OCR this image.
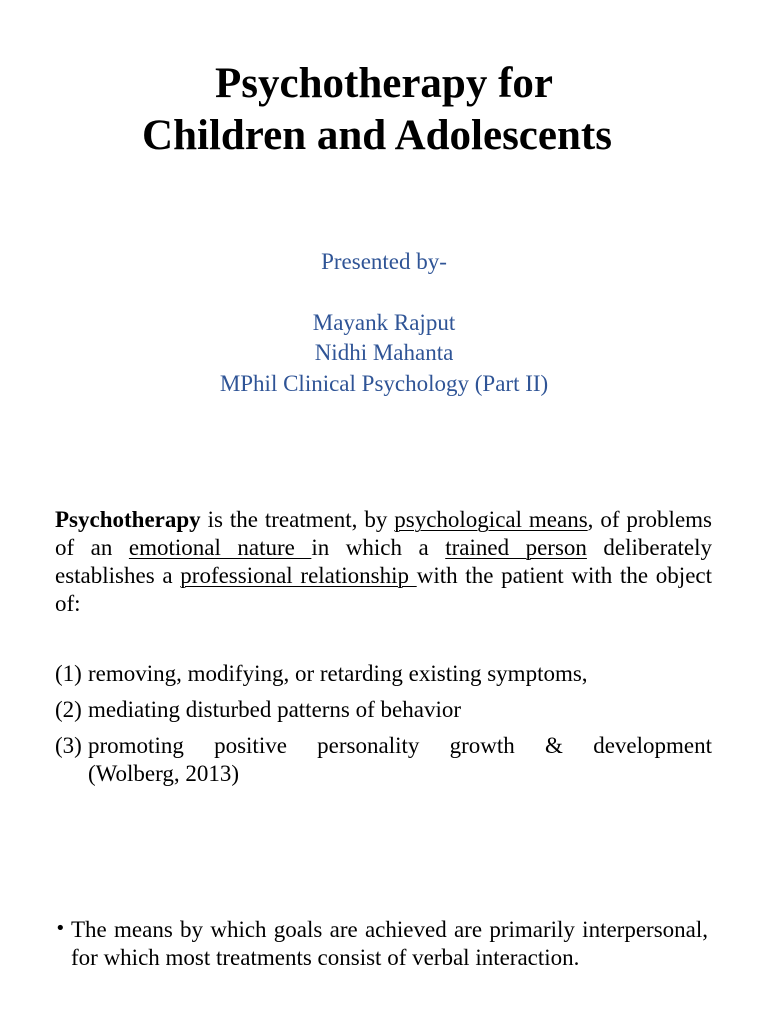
Psychotherapy for
Children and Adolescents
Presented by-
Mayank Rajput
Nidhi Mahanta
MPhil Clinical Psychology (Part II)

Psychotherapy is the treatment, by psychological means, of problems of an emotional nature in which a trained person deliberately establishes a professional relationship with the patient with the object of:

(1) removing, modifying, or retarding existing symptoms,
(2) mediating disturbed patterns of behavior
(3) promoting positive personality growth & development
(Wolberg, 2013)
• The means by which goals are achieved are primarily interpersonal, for which most treatments consist of verbal interaction.
